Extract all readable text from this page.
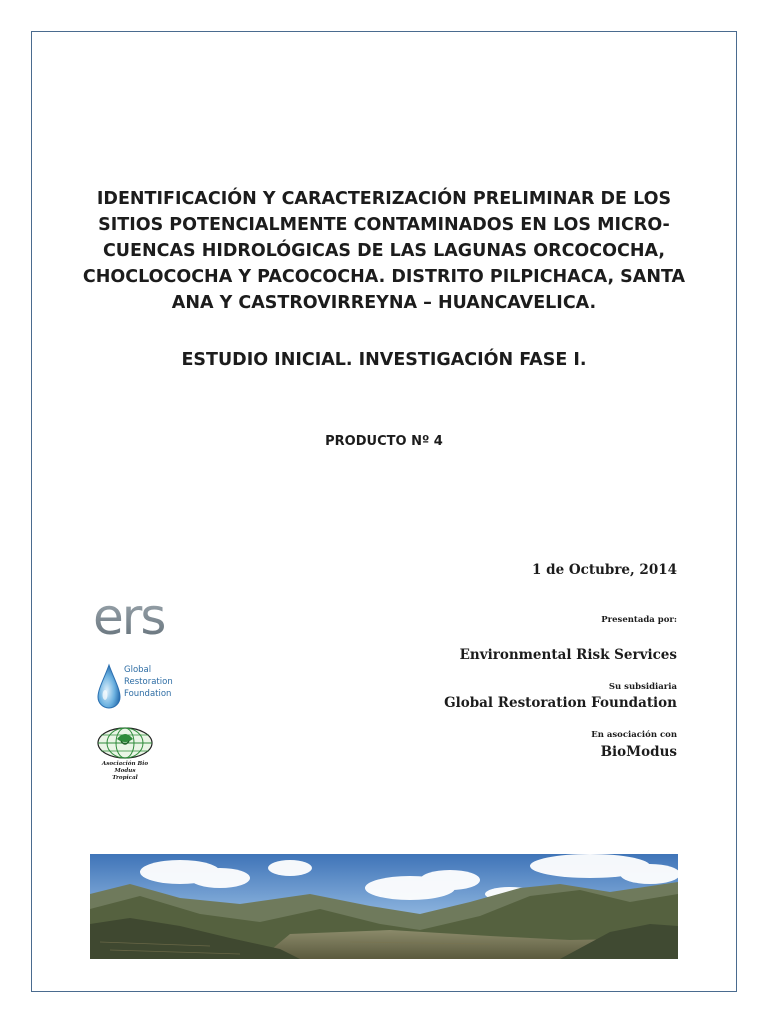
IDENTIFICACIÓN Y CARACTERIZACIÓN PRELIMINAR DE LOS
SITIOS POTENCIALMENTE CONTAMINADOS EN LOS MICRO-
CUENCAS HIDROLÓGICAS DE LAS LAGUNAS ORCOCOCHA,
CHOCLOCOCHA Y PACOCOCHA. DISTRITO PILPICHACA, SANTA
ANA Y CASTROVIRREYNA – HUANCAVELICA.
ESTUDIO INICIAL. INVESTIGACIÓN FASE I.
PRODUCTO Nº 4
1 de Octubre, 2014
Presentada por:
Environmental Risk Services
Su subsidiaria
Global Restoration Foundation
En asociación con
BioModus
ers
Global
Restoration
Foundation
Asociación Bio Modus
Tropical
